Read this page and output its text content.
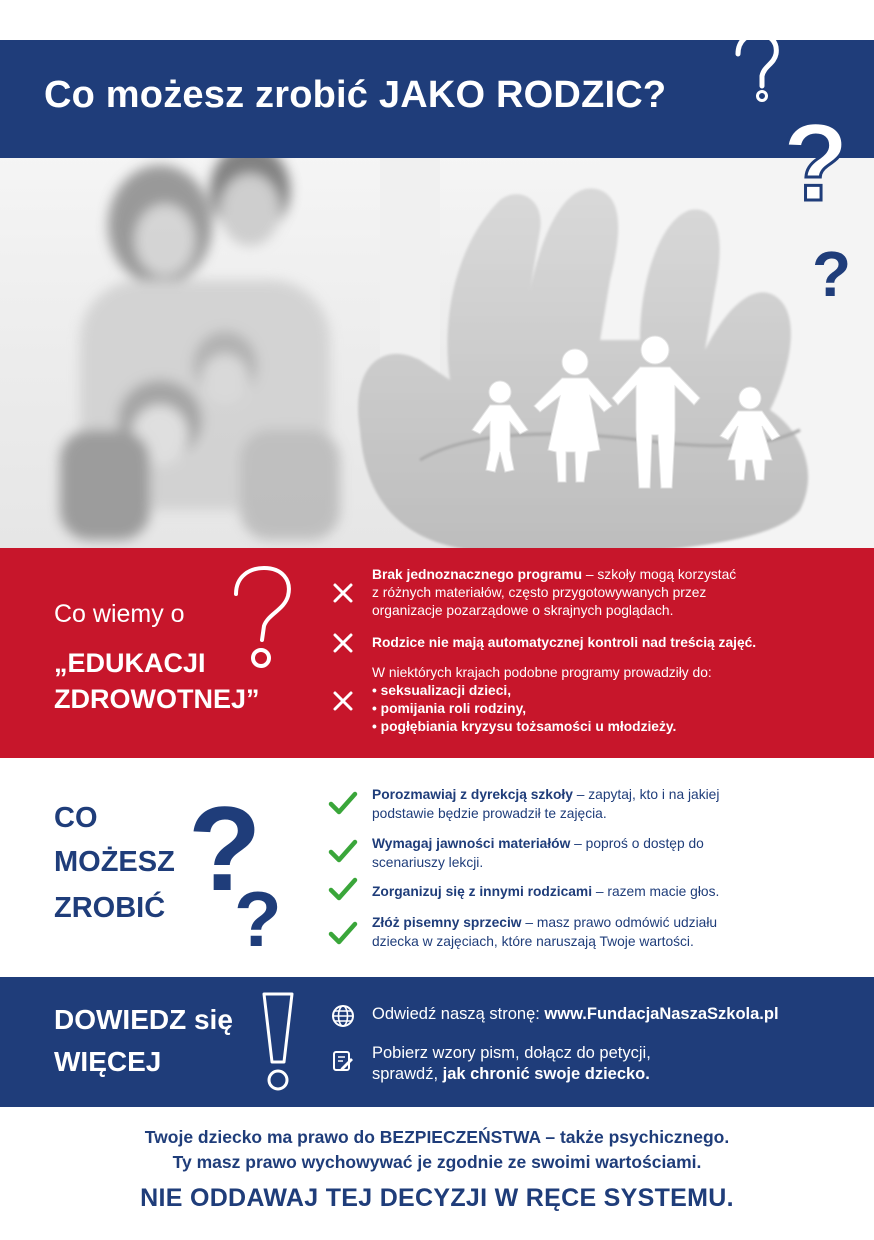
Co możesz zrobić JAKO RODZIC?
?
?
Co wiemy o
„EDUKACJI
ZDROWOTNEJ”
Brak jednoznacznego programu – szkoły mogą korzystać
z różnych materiałów, często przygotowywanych przez
organizacje pozarządowe o skrajnych poglądach.
Rodzice nie mają automatycznej kontroli nad treścią zajęć.
W niektórych krajach podobne programy prowadziły do:
• seksualizacji dzieci,
• pomijania roli rodziny,
• pogłębiania kryzysu tożsamości u młodzieży.
CO
MOŻESZ
ZROBIĆ ?
?
Porozmawiaj z dyrekcją szkoły – zapytaj, kto i na jakiej
podstawie będzie prowadził te zajęcia.
Wymagaj jawności materiałów – poproś o dostęp do
scenariuszy lekcji.
Zorganizuj się z innymi rodzicami – razem macie głos.
Złóż pisemny sprzeciw – masz prawo odmówić udziału
dziecka w zajęciach, które naruszają Twoje wartości.
DOWIEDZ się
WIĘCEJ
Odwiedź naszą stronę: www.FundacjaNaszaSzkola.pl
Pobierz wzory pism, dołącz do petycji,
sprawdź, jak chronić swoje dziecko.
Twoje dziecko ma prawo do BEZPIECZEŃSTWA – także psychicznego.
Ty masz prawo wychowywać je zgodnie ze swoimi wartościami.
NIE ODDAWAJ TEJ DECYZJI W RĘCE SYSTEMU.
